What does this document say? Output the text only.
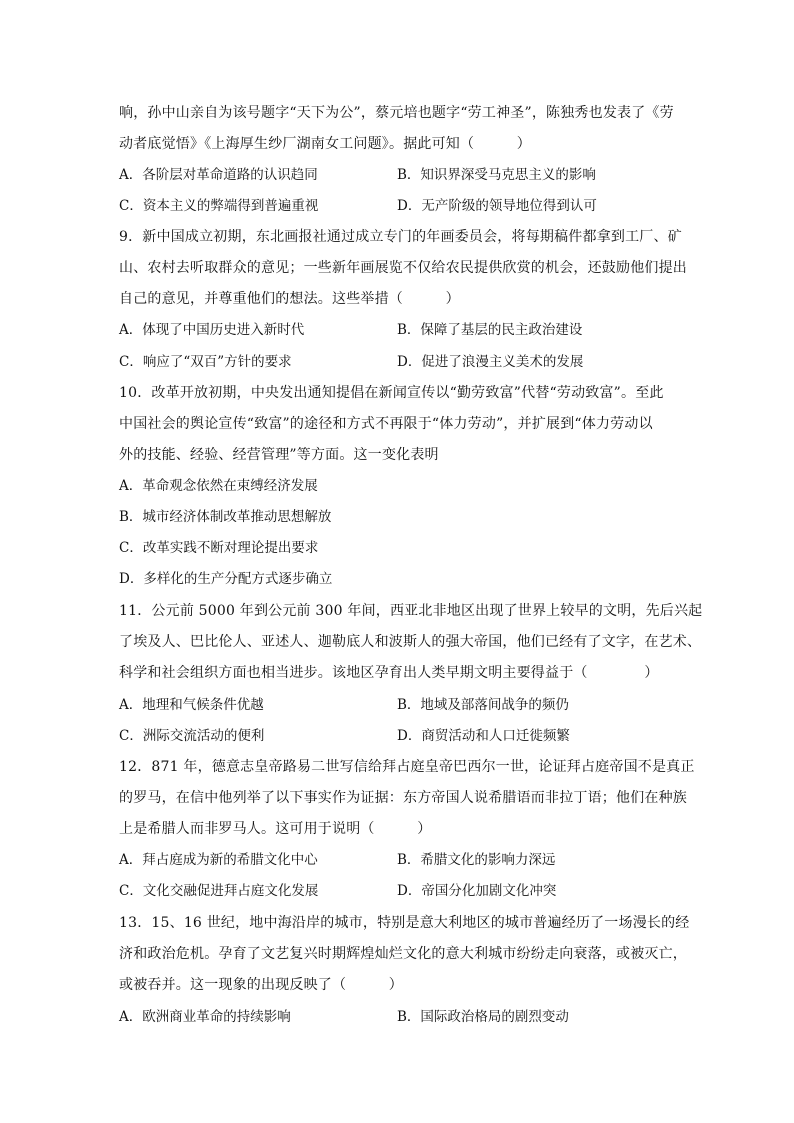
响，孙中山亲自为该号题字“天下为公”，蔡元培也题字“劳工神圣”，陈独秀也发表了《劳
动者底觉悟》《上海厚生纱厂湖南女工问题》。据此可知（　　　）
A．各阶层对革命道路的认识趋同	B．知识界深受马克思主义的影响
C．资本主义的弊端得到普遍重视	D．无产阶级的领导地位得到认可
9．新中国成立初期，东北画报社通过成立专门的年画委员会，将每期稿件都拿到工厂、矿
山、农村去听取群众的意见；一些新年画展览不仅给农民提供欣赏的机会，还鼓励他们提出
自己的意见，并尊重他们的想法。这些举措（　　　）
A．体现了中国历史进入新时代	B．保障了基层的民主政治建设
C．响应了“双百”方针的要求	D．促进了浪漫主义美术的发展
10．改革开放初期，中央发出通知提倡在新闻宣传以“勤劳致富”代替“劳动致富”。至此
中国社会的舆论宣传“致富”的途径和方式不再限于“体力劳动”，并扩展到“体力劳动以
外的技能、经验、经营管理”等方面。这一变化表明
A．革命观念依然在束缚经济发展
B．城市经济体制改革推动思想解放
C．改革实践不断对理论提出要求
D．多样化的生产分配方式逐步确立
11．公元前 5000 年到公元前 300 年间，西亚北非地区出现了世界上较早的文明，先后兴起
了埃及人、巴比伦人、亚述人、迦勒底人和波斯人的强大帝国，他们已经有了文字，在艺术、
科学和社会组织方面也相当进步。该地区孕育出人类早期文明主要得益于（　　　　）
A．地理和气候条件优越	B．地域及部落间战争的频仍
C．洲际交流活动的便利	D．商贸活动和人口迁徙频繁
12．871 年，德意志皇帝路易二世写信给拜占庭皇帝巴西尔一世，论证拜占庭帝国不是真正
的罗马，在信中他列举了以下事实作为证据：东方帝国人说希腊语而非拉丁语；他们在种族
上是希腊人而非罗马人。这可用于说明（　　　）
A．拜占庭成为新的希腊文化中心	B．希腊文化的影响力深远
C．文化交融促进拜占庭文化发展	D．帝国分化加剧文化冲突
13．15、16 世纪，地中海沿岸的城市，特别是意大利地区的城市普遍经历了一场漫长的经
济和政治危机。孕育了文艺复兴时期辉煌灿烂文化的意大利城市纷纷走向衰落，或被灭亡，
或被吞并。这一现象的出现反映了（　　　）
A．欧洲商业革命的持续影响	B．国际政治格局的剧烈变动
